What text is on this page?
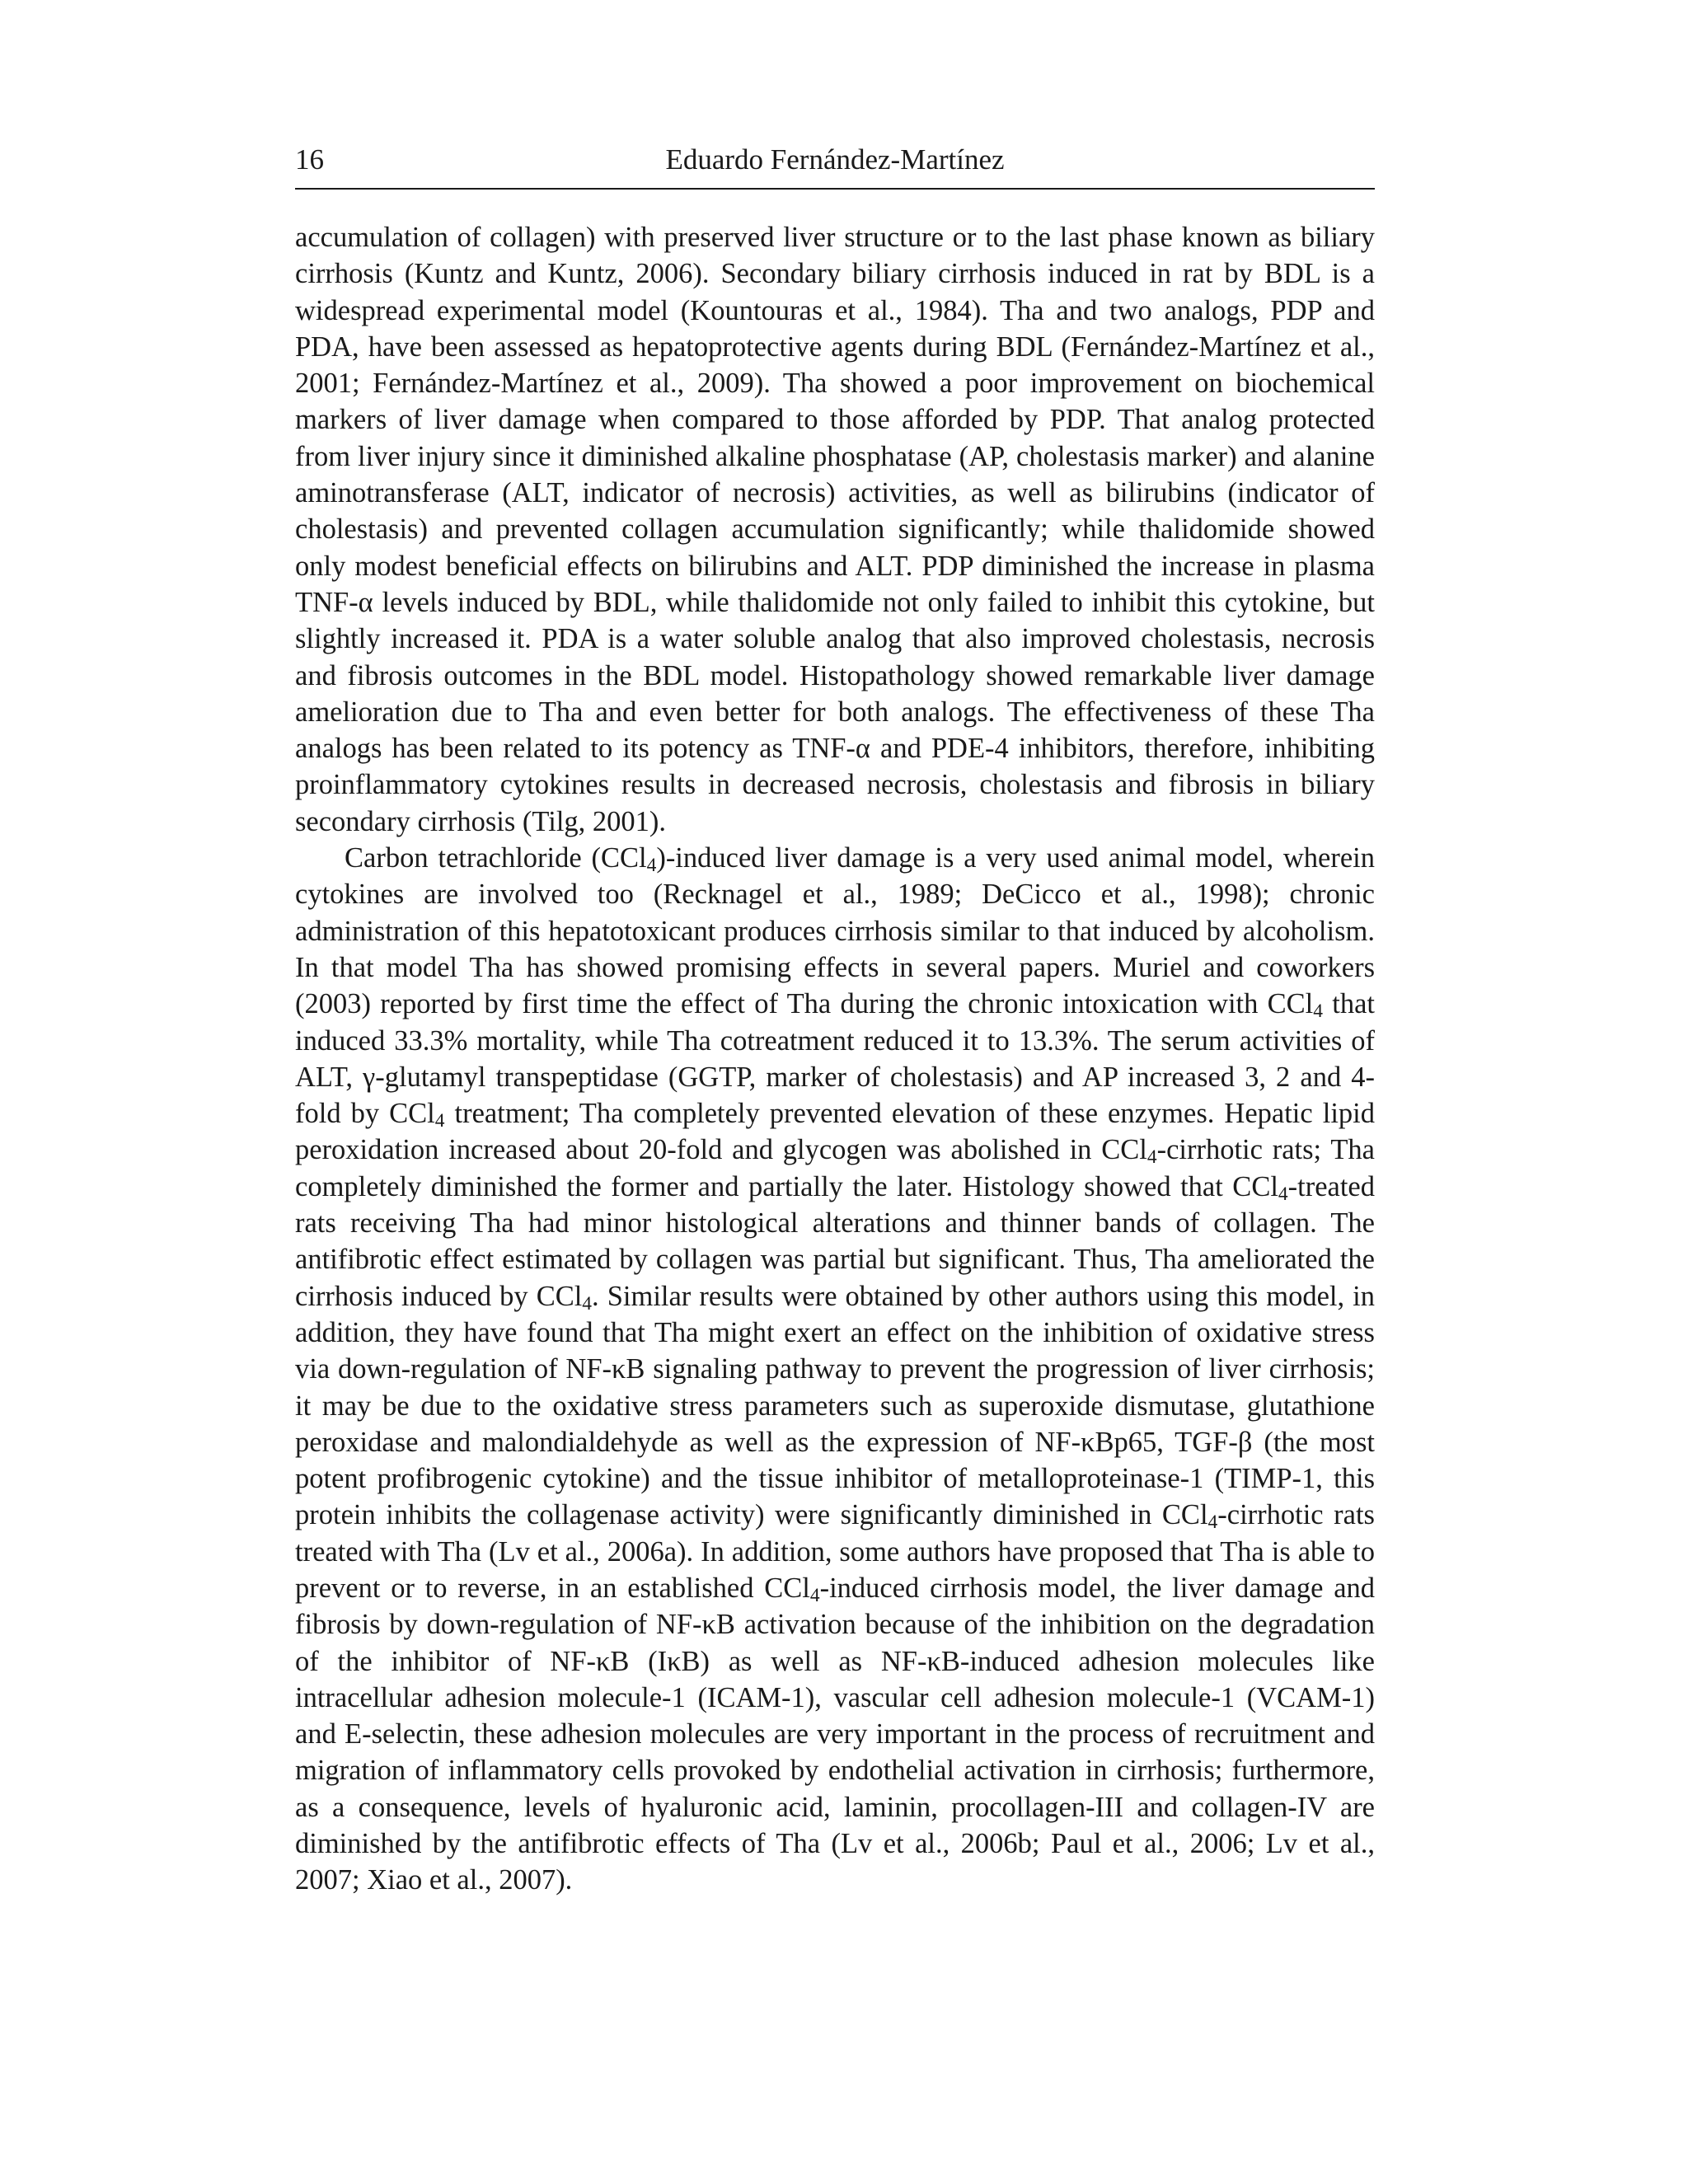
16	Eduardo Fernández-Martínez

accumulation of collagen) with preserved liver structure or to the last phase known as biliary cirrhosis (Kuntz and Kuntz, 2006). Secondary biliary cirrhosis induced in rat by BDL is a widespread experimental model (Kountouras et al., 1984). Tha and two analogs, PDP and PDA, have been assessed as hepatoprotective agents during BDL (Fernández-Martínez et al., 2001; Fernández-Martínez et al., 2009). Tha showed a poor improvement on biochemical markers of liver damage when compared to those afforded by PDP. That analog protected from liver injury since it diminished alkaline phosphatase (AP, cholestasis marker) and alanine aminotransferase (ALT, indicator of necrosis) activities, as well as bilirubins (indicator of cholestasis) and prevented collagen accumulation significantly; while thalidomide showed only modest beneficial effects on bilirubins and ALT. PDP diminished the increase in plasma TNF-α levels induced by BDL, while thalidomide not only failed to inhibit this cytokine, but slightly increased it. PDA is a water soluble analog that also improved cholestasis, necrosis and fibrosis outcomes in the BDL model. Histopathology showed remarkable liver damage amelioration due to Tha and even better for both analogs. The effectiveness of these Tha analogs has been related to its potency as TNF-α and PDE-4 inhibitors, therefore, inhibiting proinflammatory cytokines results in decreased necrosis, cholestasis and fibrosis in biliary secondary cirrhosis (Tilg, 2001).

Carbon tetrachloride (CCl$_4$)-induced liver damage is a very used animal model, wherein cytokines are involved too (Recknagel et al., 1989; DeCicco et al., 1998); chronic administration of this hepatotoxicant produces cirrhosis similar to that induced by alcoholism. In that model Tha has showed promising effects in several papers. Muriel and coworkers (2003) reported by first time the effect of Tha during the chronic intoxication with CCl$_4$ that induced 33.3% mortality, while Tha cotreatment reduced it to 13.3%. The serum activities of ALT, γ-glutamyl transpeptidase (GGTP, marker of cholestasis) and AP increased 3, 2 and 4-fold by CCl$_4$ treatment; Tha completely prevented elevation of these enzymes. Hepatic lipid peroxidation increased about 20-fold and glycogen was abolished in CCl$_4$-cirrhotic rats; Tha completely diminished the former and partially the later. Histology showed that CCl$_4$-treated rats receiving Tha had minor histological alterations and thinner bands of collagen. The antifibrotic effect estimated by collagen was partial but significant. Thus, Tha ameliorated the cirrhosis induced by CCl$_4$. Similar results were obtained by other authors using this model, in addition, they have found that Tha might exert an effect on the inhibition of oxidative stress via down-regulation of NF-κB signaling pathway to prevent the progression of liver cirrhosis; it may be due to the oxidative stress parameters such as superoxide dismutase, glutathione peroxidase and malondialdehyde as well as the expression of NF-κBp65, TGF-β (the most potent profibrogenic cytokine) and the tissue inhibitor of metalloproteinase-1 (TIMP-1, this protein inhibits the collagenase activity) were significantly diminished in CCl$_4$-cirrhotic rats treated with Tha (Lv et al., 2006a). In addition, some authors have proposed that Tha is able to prevent or to reverse, in an established CCl$_4$-induced cirrhosis model, the liver damage and fibrosis by down-regulation of NF-κB activation because of the inhibition on the degradation of the inhibitor of NF-κB (IκB) as well as NF-κB-induced adhesion molecules like intracellular adhesion molecule-1 (ICAM-1), vascular cell adhesion molecule-1 (VCAM-1) and E-selectin, these adhesion molecules are very important in the process of recruitment and migration of inflammatory cells provoked by endothelial activation in cirrhosis; furthermore, as a consequence, levels of hyaluronic acid, laminin, procollagen-III and collagen-IV are diminished by the antifibrotic effects of Tha (Lv et al., 2006b; Paul et al., 2006; Lv et al., 2007; Xiao et al., 2007).
